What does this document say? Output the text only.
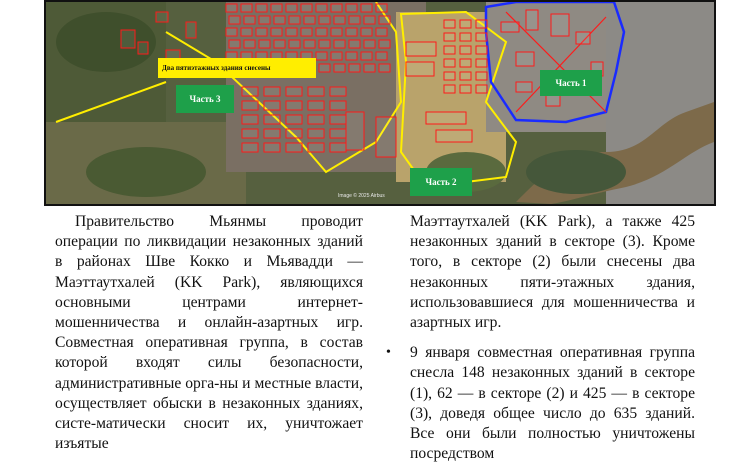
Два пятиэтажных здания снесены
Часть 3
Часть 1
Часть 2
Image © 2025 Airbus

Правительство Мьянмы проводит операции по ликвидации незаконных зданий в районах Шве Кокко и Мьявадди — Маэттаутхалей (KK Park), являющихся основными центрами интернет-мошенничества и онлайн-азартных игр. Совместная оперативная группа, в состав которой входят силы безопасности, административные орга-ны и местные власти, осуществляет обыски в незаконных зданиях, систе-матически сносит их, уничтожает изъятые

Маэттаутхалей (KK Park), а также 425 незаконных зданий в секторе (3). Кроме того, в секторе (2) были снесены два незаконных пяти-этажных здания, использовавшиеся для мошенничества и азартных игр.

• 9 января совместная оперативная группа снесла 148 незаконных зданий в секторе (1), 62 — в секторе (2) и 425 — в секторе (3), доведя общее число до 635 зданий. Все они были полностью уничтожены посредством
